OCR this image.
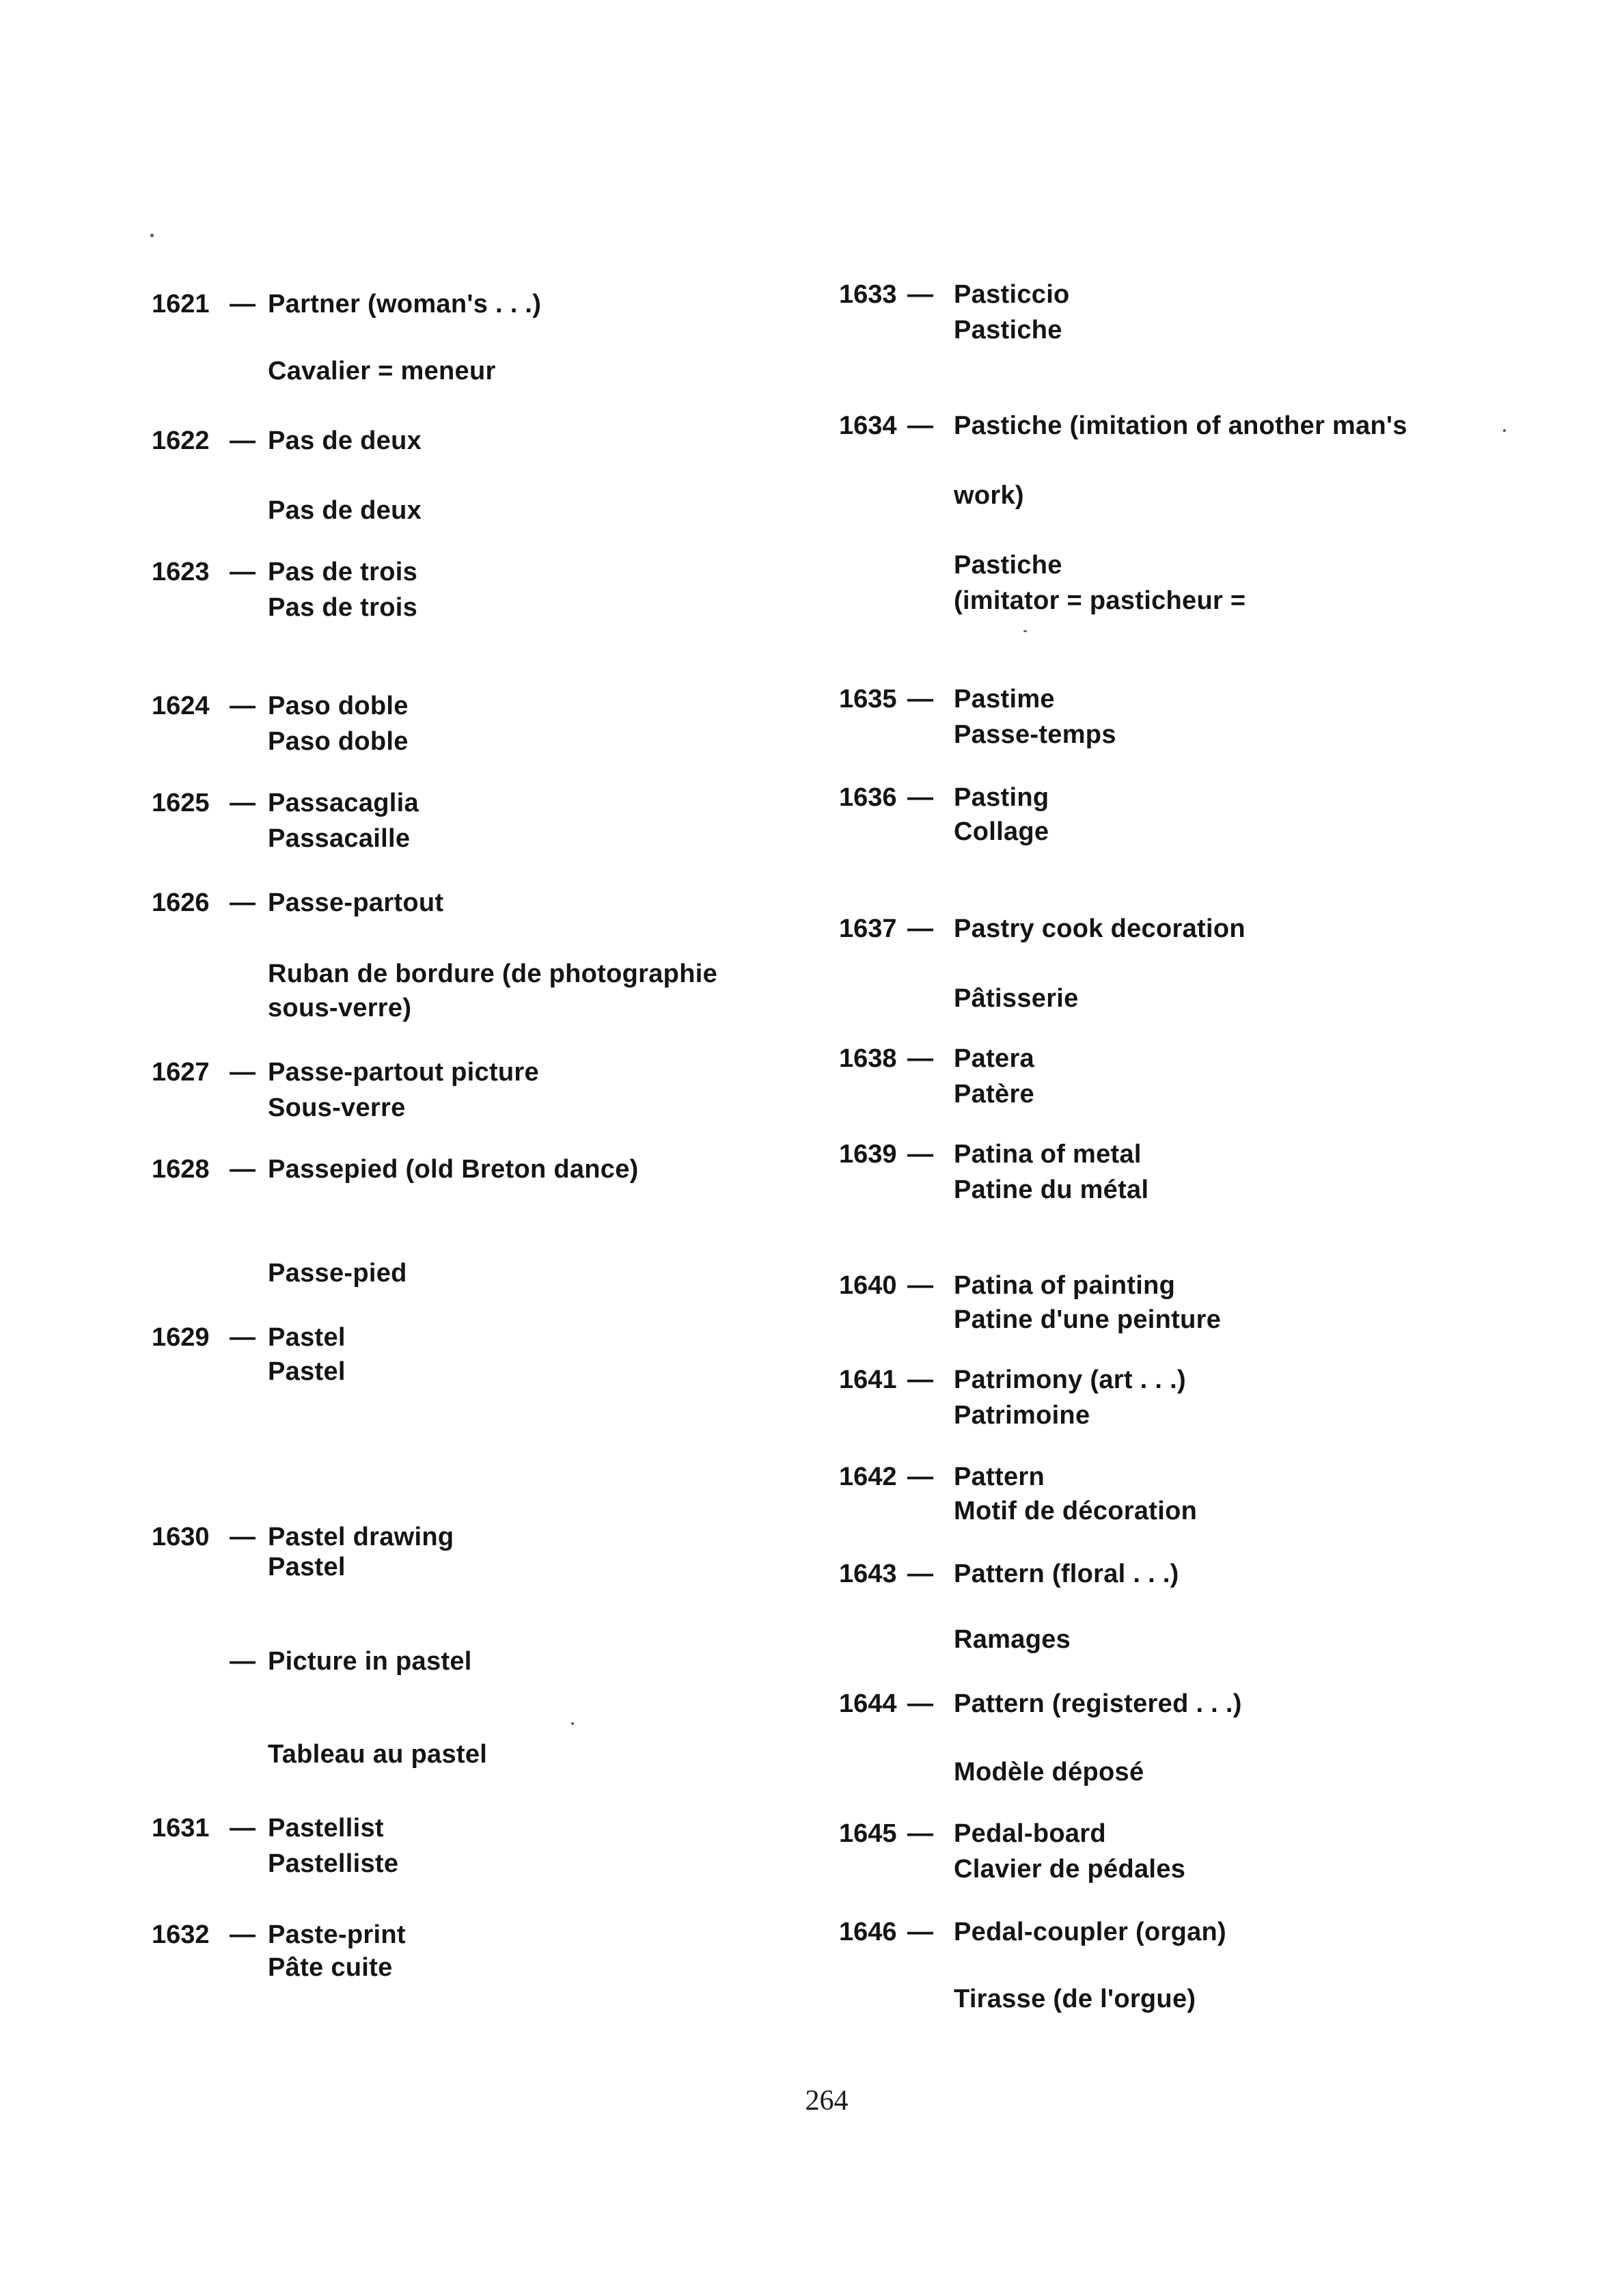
1621 — Partner (woman's . . .)
Cavalier = meneur
1622 — Pas de deux
Pas de deux
1623 — Pas de trois
Pas de trois
1624 — Paso doble
Paso doble
1625 — Passacaglia
Passacaille
1626 — Passe-partout
Ruban de bordure (de photographie
sous-verre)
1627 — Passe-partout picture
Sous-verre
1628 — Passepied (old Breton dance)
Passe-pied
1629 — Pastel
Pastel
1630 — Pastel drawing
Pastel
— Picture in pastel
Tableau au pastel
1631 — Pastellist
Pastelliste
1632 — Paste-print
Pâte cuite
1633 — Pasticcio
Pastiche
1634 — Pastiche (imitation of another man's
work)
Pastiche
(imitator = pasticheur =
1635 — Pastime
Passe-temps
1636 — Pasting
Collage
1637 — Pastry cook decoration
Pâtisserie
1638 — Patera
Patère
1639 — Patina of metal
Patine du métal
1640 — Patina of painting
Patine d'une peinture
1641 — Patrimony (art . . .)
Patrimoine
1642 — Pattern
Motif de décoration
1643 — Pattern (floral . . .)
Ramages
1644 — Pattern (registered . . .)
Modèle déposé
1645 — Pedal-board
Clavier de pédales
1646 — Pedal-coupler (organ)
Tirasse (de l'orgue)
264
